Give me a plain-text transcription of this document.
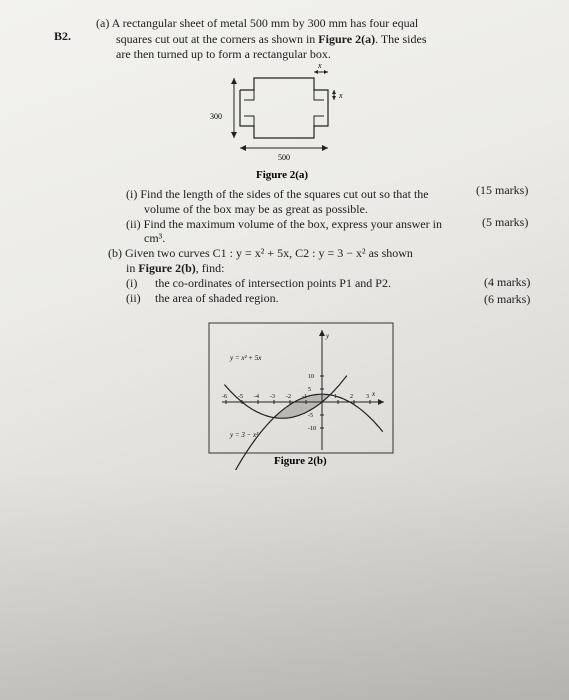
B2.
(a) A rectangular sheet of metal 500 mm by 300 mm has four equal
squares cut out at the corners as shown in Figure 2(a). The sides
are then turned up to form a rectangular box.
300
500
x
x
Figure 2(a)
(i) Find the length of the sides of the squares cut out so that the	(15 marks)
volume of the box may be as great as possible.
(ii) Find the maximum volume of the box, express your answer in	(5 marks)
cm³.
(b) Given two curves C1 : y = x² + 5x, C2 : y = 3 − x² as shown
in Figure 2(b), find:
(i) the co-ordinates of intersection points P1 and P2.	(4 marks)
(ii) the area of shaded region.	(6 marks)
x
y
-6 -5 -4 -3 -2 -1	1 2 3
10
5
-5
-10
y = x² + 5x
y = 3 − x²
Figure 2(b)
